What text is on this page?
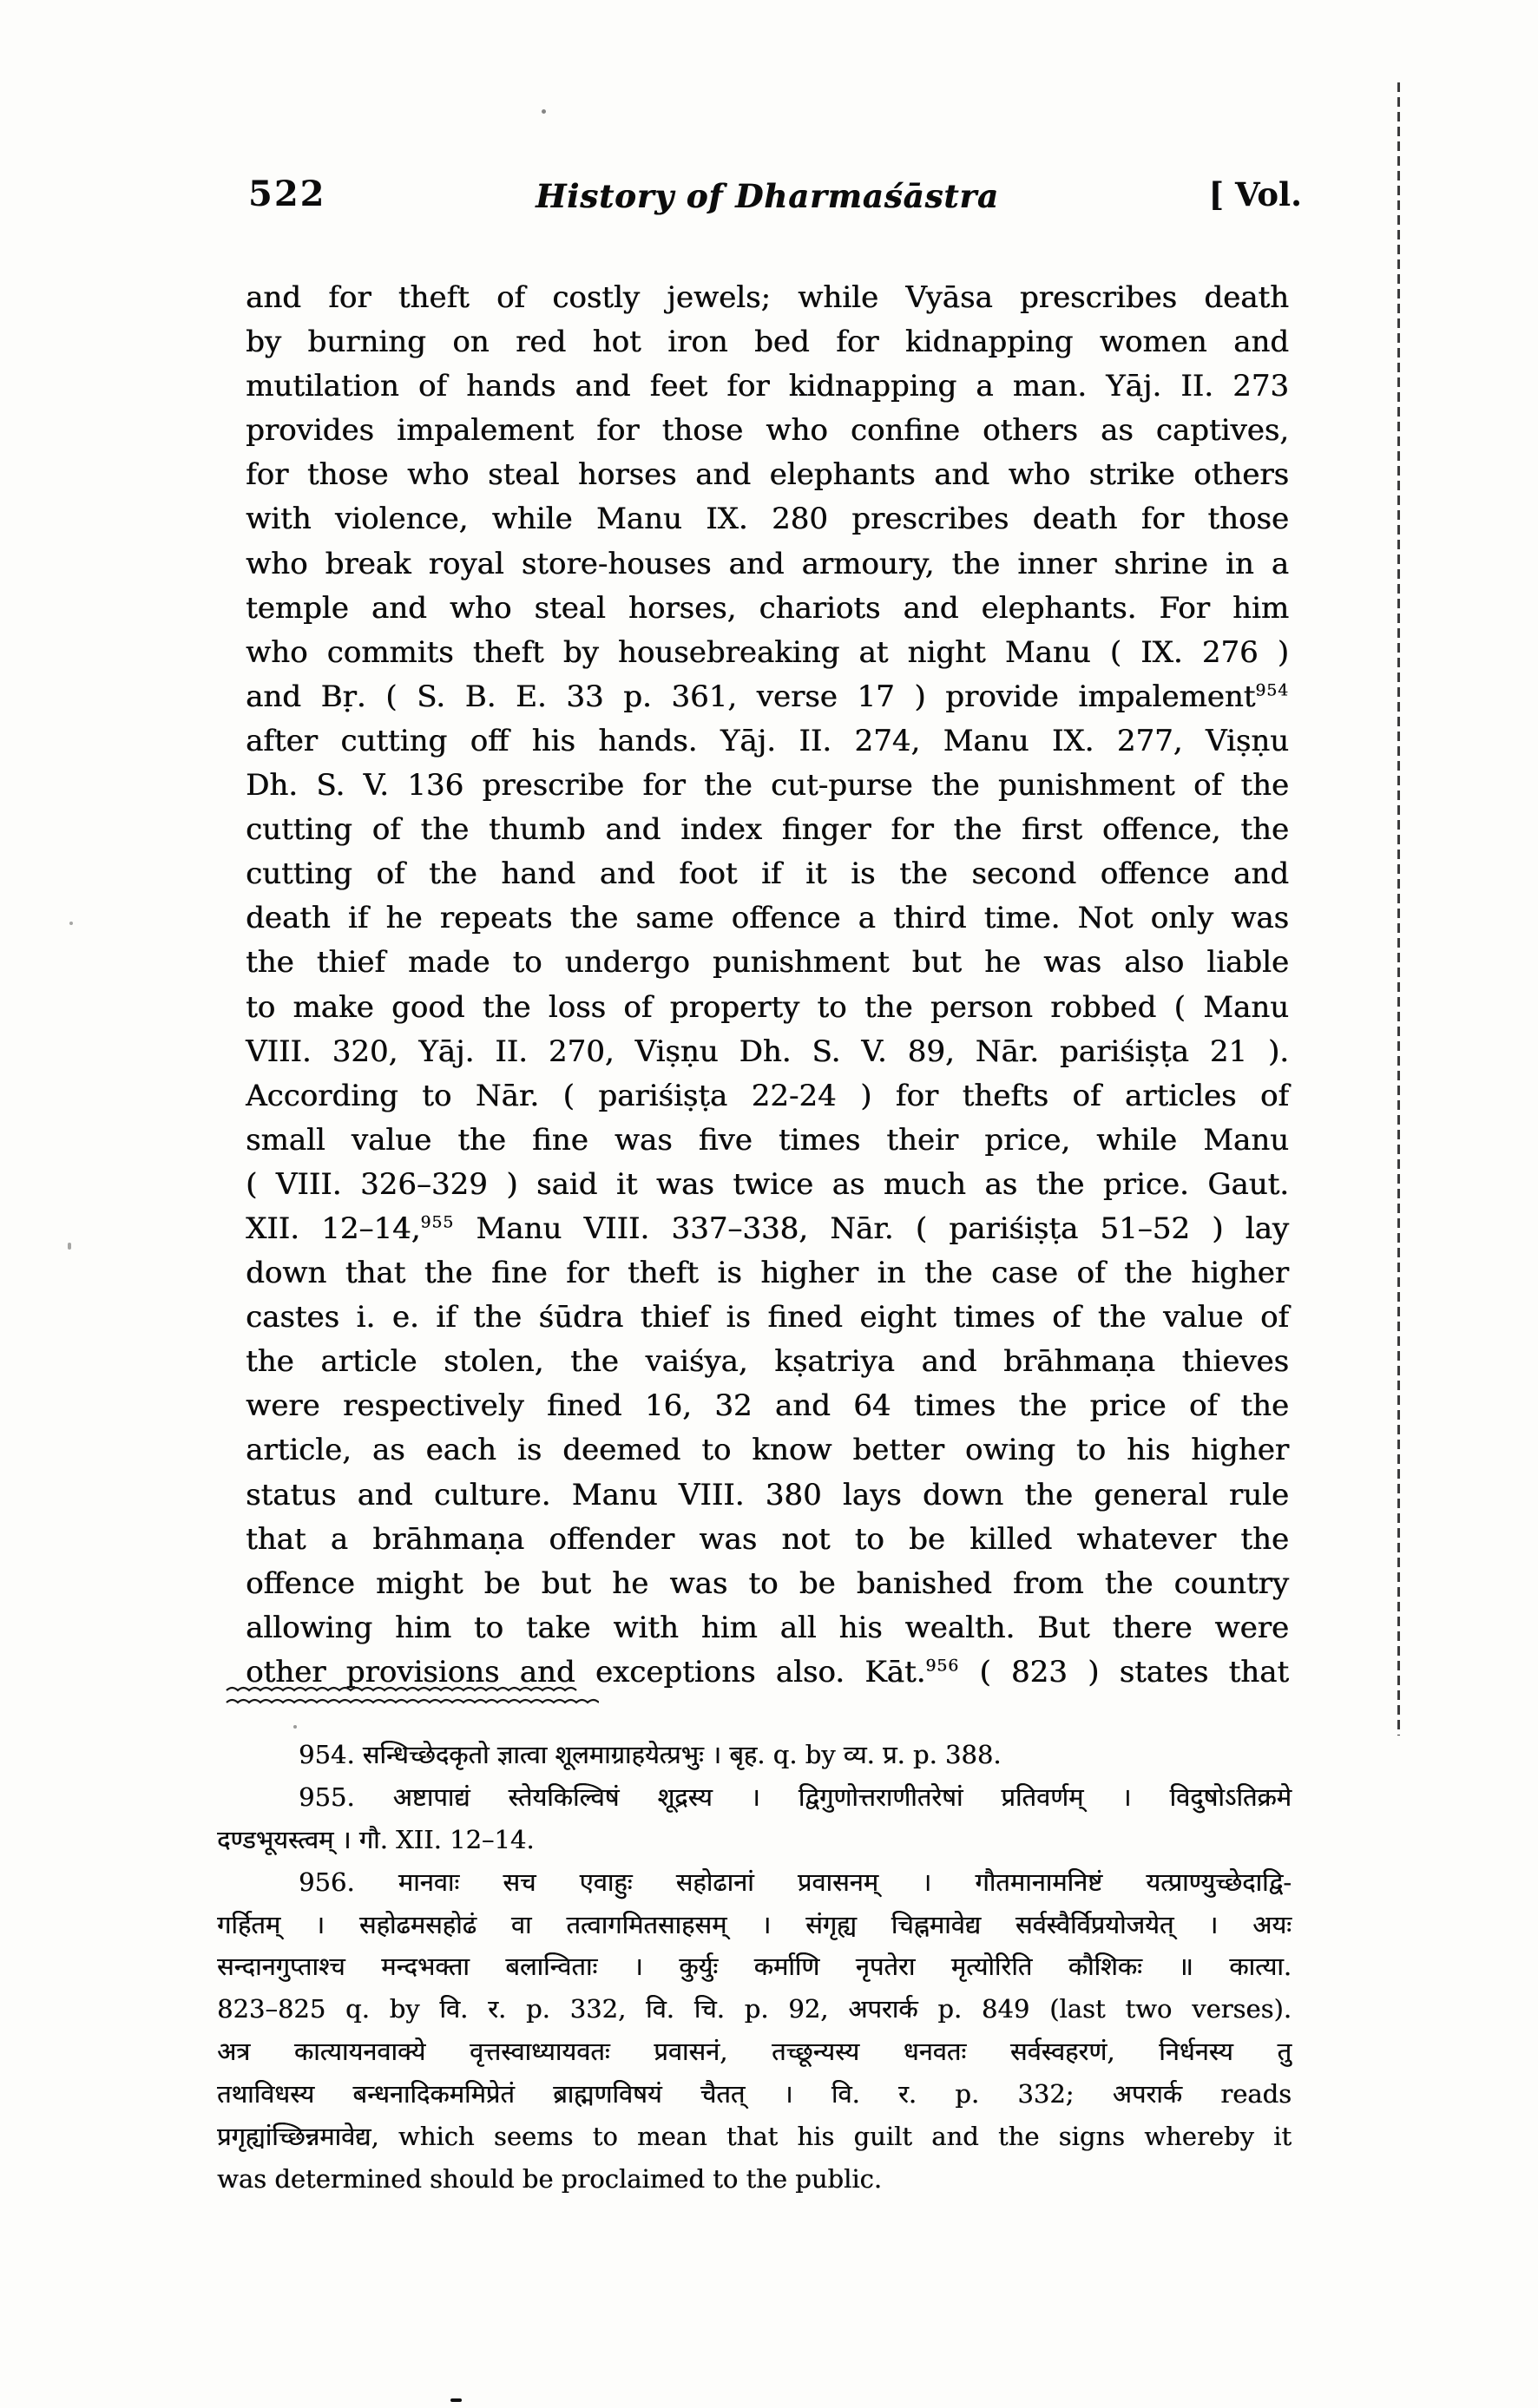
522	History of Dharmaśāstra	[ Vol.
and for theft of costly jewels; while Vyāsa prescribes death
by burning on red hot iron bed for kidnapping women and
mutilation of hands and feet for kidnapping a man. Yāj. II. 273
provides impalement for those who confine others as captives,
for those who steal horses and elephants and who strike others
with violence, while Manu IX. 280 prescribes death for those
who break royal store-houses and armoury, the inner shrine in a
temple and who steal horses, chariots and elephants. For him
who commits theft by housebreaking at night Manu ( IX. 276 )
and Bṛ. ( S. B. E. 33 p. 361, verse 17 ) provide impalement$^{954}$
after cutting off his hands. Yāj. II. 274, Manu IX. 277, Viṣṇu
Dh. S. V. 136 prescribe for the cut-purse the punishment of the
cutting of the thumb and index finger for the first offence, the
cutting of the hand and foot if it is the second offence and
death if he repeats the same offence a third time. Not only was
the thief made to undergo punishment but he was also liable
to make good the loss of property to the person robbed ( Manu
VIII. 320, Yāj. II. 270, Viṣṇu Dh. S. V. 89, Nār. pariśiṣṭa 21 ).
According to Nār. ( pariśiṣṭa 22-24 ) for thefts of articles of
small value the fine was five times their price, while Manu
( VIII. 326–329 ) said it was twice as much as the price. Gaut.
XII. 12–14,$^{955}$ Manu VIII. 337–338, Nār. ( pariśiṣṭa 51–52 ) lay
down that the fine for theft is higher in the case of the higher
castes i. e. if the śūdra thief is fined eight times of the value of
the article stolen, the vaiśya, kṣatriya and brāhmaṇa thieves
were respectively fined 16, 32 and 64 times the price of the
article, as each is deemed to know better owing to his higher
status and culture. Manu VIII. 380 lays down the general rule
that a brāhmaṇa offender was not to be killed whatever the
offence might be but he was to be banished from the country
allowing him to take with him all his wealth. But there were
other provisions and exceptions also. Kāt.$^{956}$ ( 823 ) states that
954. सन्धिच्छेदकृतो ज्ञात्वा शूलमाग्राहयेत्प्रभुः । बृह. q. by व्य. प्र. p. 388.
955. अष्टापाद्यं स्तेयकिल्विषं शूद्रस्य । द्विगुणोत्तराणीतरेषां प्रतिवर्णम् । विदुषोऽतिक्रमे
दण्डभूयस्त्वम् । गौ. XII. 12–14.
956. मानवाः सच एवाहुः सहोढानां प्रवासनम् । गौतमानामनिष्टं यत्प्राण्युच्छेदाद्वि-
गर्हितम् । सहोढमसहोढं वा तत्वागमितसाहसम् । संगृह्य चिह्नमावेद्य सर्वस्वैर्विप्रयोजयेत् । अयः
सन्दानगुप्ताश्च मन्दभक्ता बलान्विताः । कुर्युः कर्माणि नृपतेरा मृत्योरिति कौशिकः ॥ कात्या.
823–825 q. by वि. र. p. 332, वि. चि. p. 92, अपरार्क p. 849 (last two verses).
अत्र कात्यायनवाक्ये वृत्तस्वाध्यायवतः प्रवासनं, तच्छून्यस्य धनवतः सर्वस्वहरणं, निर्धनस्य तु
तथाविधस्य बन्धनादिकममिप्रेतं ब्राह्मणविषयं चैतत् । वि. र. p. 332; अपरार्क reads
प्रगृह्यांच्छिन्नमावेद्य, which seems to mean that his guilt and the signs whereby it
was determined should be proclaimed to the public.
